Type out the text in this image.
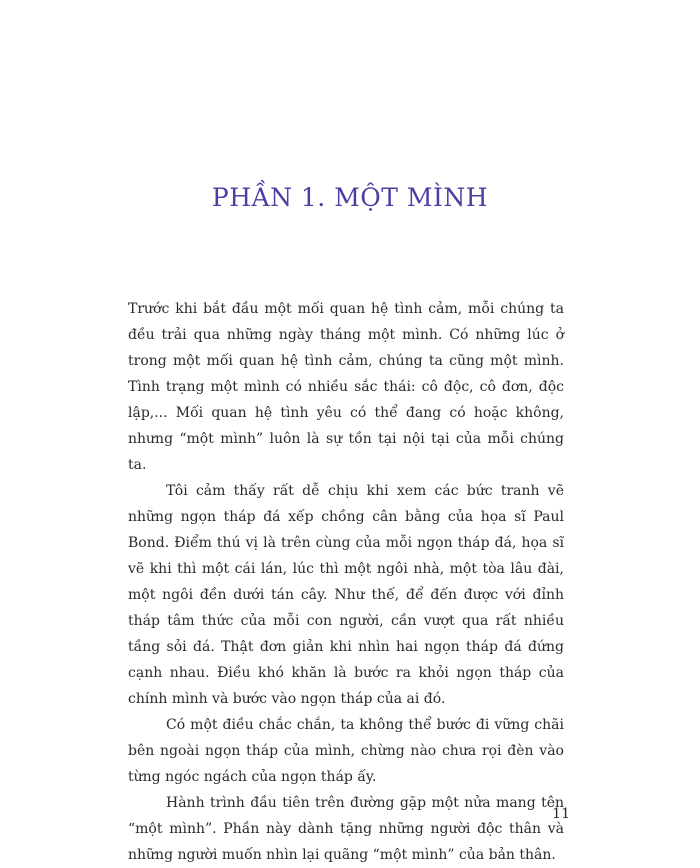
PHẦN 1. MỘT MÌNH

Trước khi bắt đầu một mối quan hệ tình cảm, mỗi chúng ta đều trải qua những ngày tháng một mình. Có những lúc ở trong một mối quan hệ tình cảm, chúng ta cũng một mình. Tình trạng một mình có nhiều sắc thái: cô độc, cô đơn, độc lập,... Mối quan hệ tình yêu có thể đang có hoặc không, nhưng “một mình” luôn là sự tồn tại nội tại của mỗi chúng ta.

Tôi cảm thấy rất dễ chịu khi xem các bức tranh vẽ những ngọn tháp đá xếp chồng cân bằng của họa sĩ Paul Bond. Điểm thú vị là trên cùng của mỗi ngọn tháp đá, họa sĩ vẽ khi thì một cái lán, lúc thì một ngôi nhà, một tòa lâu đài, một ngôi đền dưới tán cây. Như thế, để đến được với đỉnh tháp tâm thức của mỗi con người, cần vượt qua rất nhiều tầng sỏi đá. Thật đơn giản khi nhìn hai ngọn tháp đá đứng cạnh nhau. Điều khó khăn là bước ra khỏi ngọn tháp của chính mình và bước vào ngọn tháp của ai đó.

Có một điều chắc chắn, ta không thể bước đi vững chãi bên ngoài ngọn tháp của mình, chừng nào chưa rọi đèn vào từng ngóc ngách của ngọn tháp ấy.

Hành trình đầu tiên trên đường gặp một nửa mang tên “một mình”. Phần này dành tặng những người độc thân và những người muốn nhìn lại quãng “một mình” của bản thân.

11
